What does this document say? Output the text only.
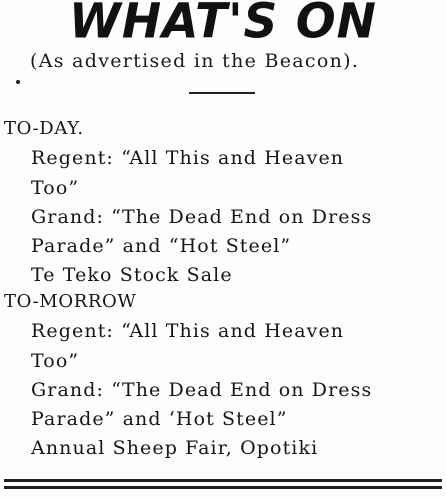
WHAT'S ON
(As advertised in the Beacon).
TO-DAY.
Regent: “All This and Heaven
Too”
Grand: “The Dead End on Dress
Parade” and “Hot Steel”
Te Teko Stock Sale
TO-MORROW
Regent: “All This and Heaven
Too”
Grand: “The Dead End on Dress
Parade” and ‘Hot Steel”
Annual Sheep Fair, Opotiki
